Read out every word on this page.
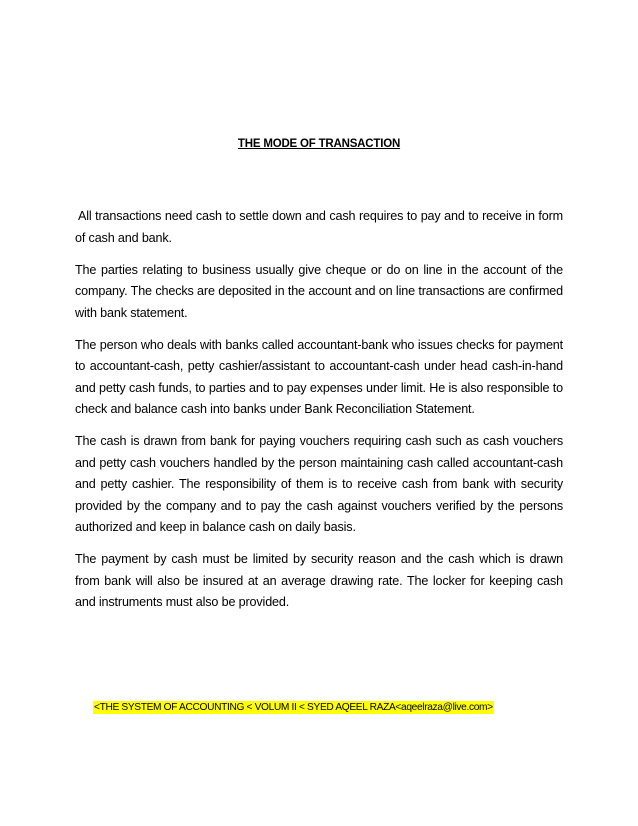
THE MODE OF TRANSACTION

All transactions need cash to settle down and cash requires to pay and to receive in form of cash and bank.

The parties relating to business usually give cheque or do on line in the account of the company. The checks are deposited in the account and on line transactions are confirmed with bank statement.

The person who deals with banks called accountant-bank who issues checks for payment to accountant-cash, petty cashier/assistant to accountant-cash under head cash-in-hand and petty cash funds, to parties and to pay expenses under limit. He is also responsible to check and balance cash into banks under Bank Reconciliation Statement.

The cash is drawn from bank for paying vouchers requiring cash such as cash vouchers and petty cash vouchers handled by the person maintaining cash called accountant-cash and petty cashier. The responsibility of them is to receive cash from bank with security provided by the company and to pay the cash against vouchers verified by the persons authorized and keep in balance cash on daily basis.

The payment by cash must be limited by security reason and the cash which is drawn from bank will also be insured at an average drawing rate. The locker for keeping cash and instruments must also be provided.

<THE SYSTEM OF ACCOUNTING < VOLUM II < SYED AQEEL RAZA<aqeelraza@live.com>
